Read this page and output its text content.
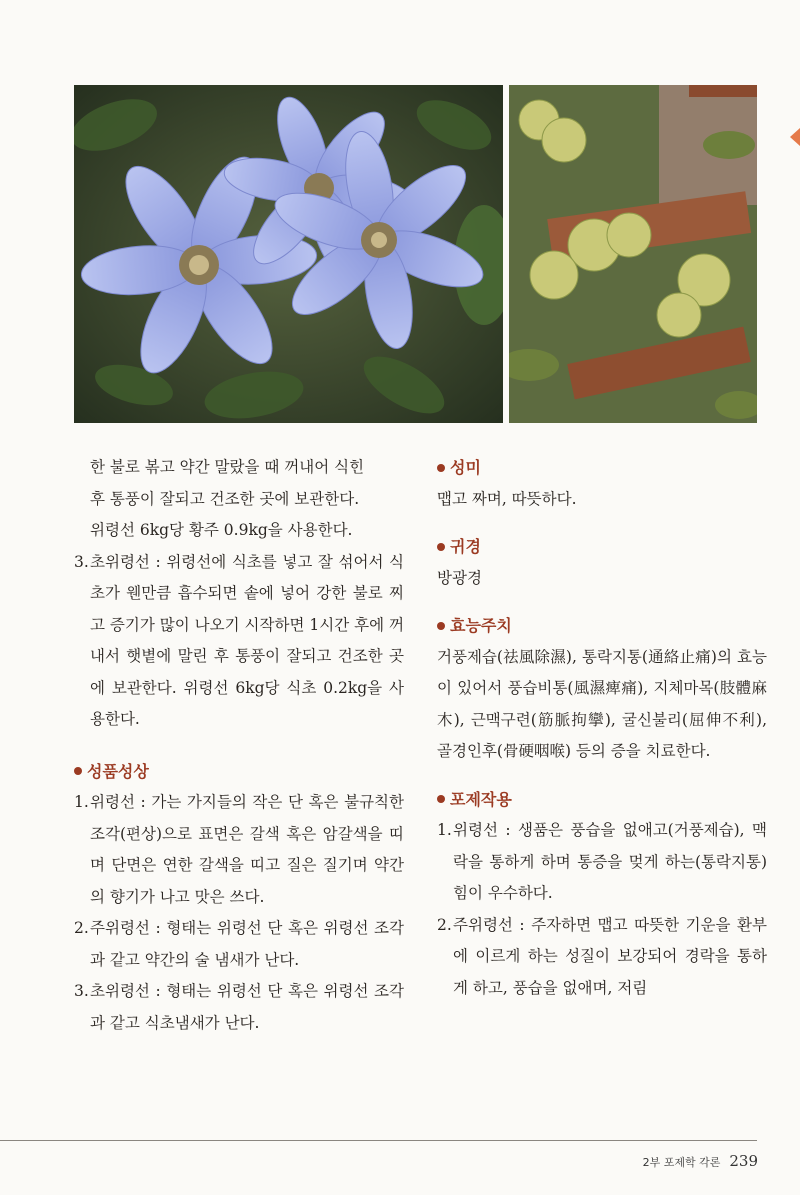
한 불로 볶고 약간 말랐을 때 꺼내어 식힌

후 통풍이 잘되고 건조한 곳에 보관한다.

위령선 6kg당 황주 0.9kg을 사용한다.

3. 초위령선 : 위령선에 식초를 넣고 잘 섞어서 식초가 웬만큼 흡수되면 솥에 넣어 강한 불로 찌고 증기가 많이 나오기 시작하면 1시간 후에 꺼내서 햇볕에 말린 후 통풍이 잘되고 건조한 곳에 보관한다. 위령선 6kg당 식초 0.2kg을 사용한다.

성품성상

1. 위령선 : 가는 가지들의 작은 단 혹은 불규칙한 조각(편상)으로 표면은 갈색 혹은 암갈색을 띠며 단면은 연한 갈색을 띠고 질은 질기며 약간의 향기가 나고 맛은 쓰다.
2. 주위령선 : 형태는 위령선 단 혹은 위령선 조각과 같고 약간의 술 냄새가 난다.
3. 초위령선 : 형태는 위령선 단 혹은 위령선 조각과 같고 식초냄새가 난다.

성미

맵고 짜며, 따뜻하다.

귀경

방광경

효능주치

거풍제습(祛風除濕), 통락지통(通絡止痛)의 효능이 있어서 풍습비통(風濕痺痛), 지체마목(肢體麻木), 근맥구련(筋脈拘攣), 굴신불리(屈伸不利), 골경인후(骨硬咽喉) 등의 증을 치료한다.

포제작용

1. 위령선 : 생품은 풍습을 없애고(거풍제습), 맥락을 통하게 하며 통증을 멎게 하는(통락지통) 힘이 우수하다.
2. 주위령선 : 주자하면 맵고 따뜻한 기운을 환부에 이르게 하는 성질이 보강되어 경락을 통하게 하고, 풍습을 없애며, 저림
2부 포제학 각론 239
